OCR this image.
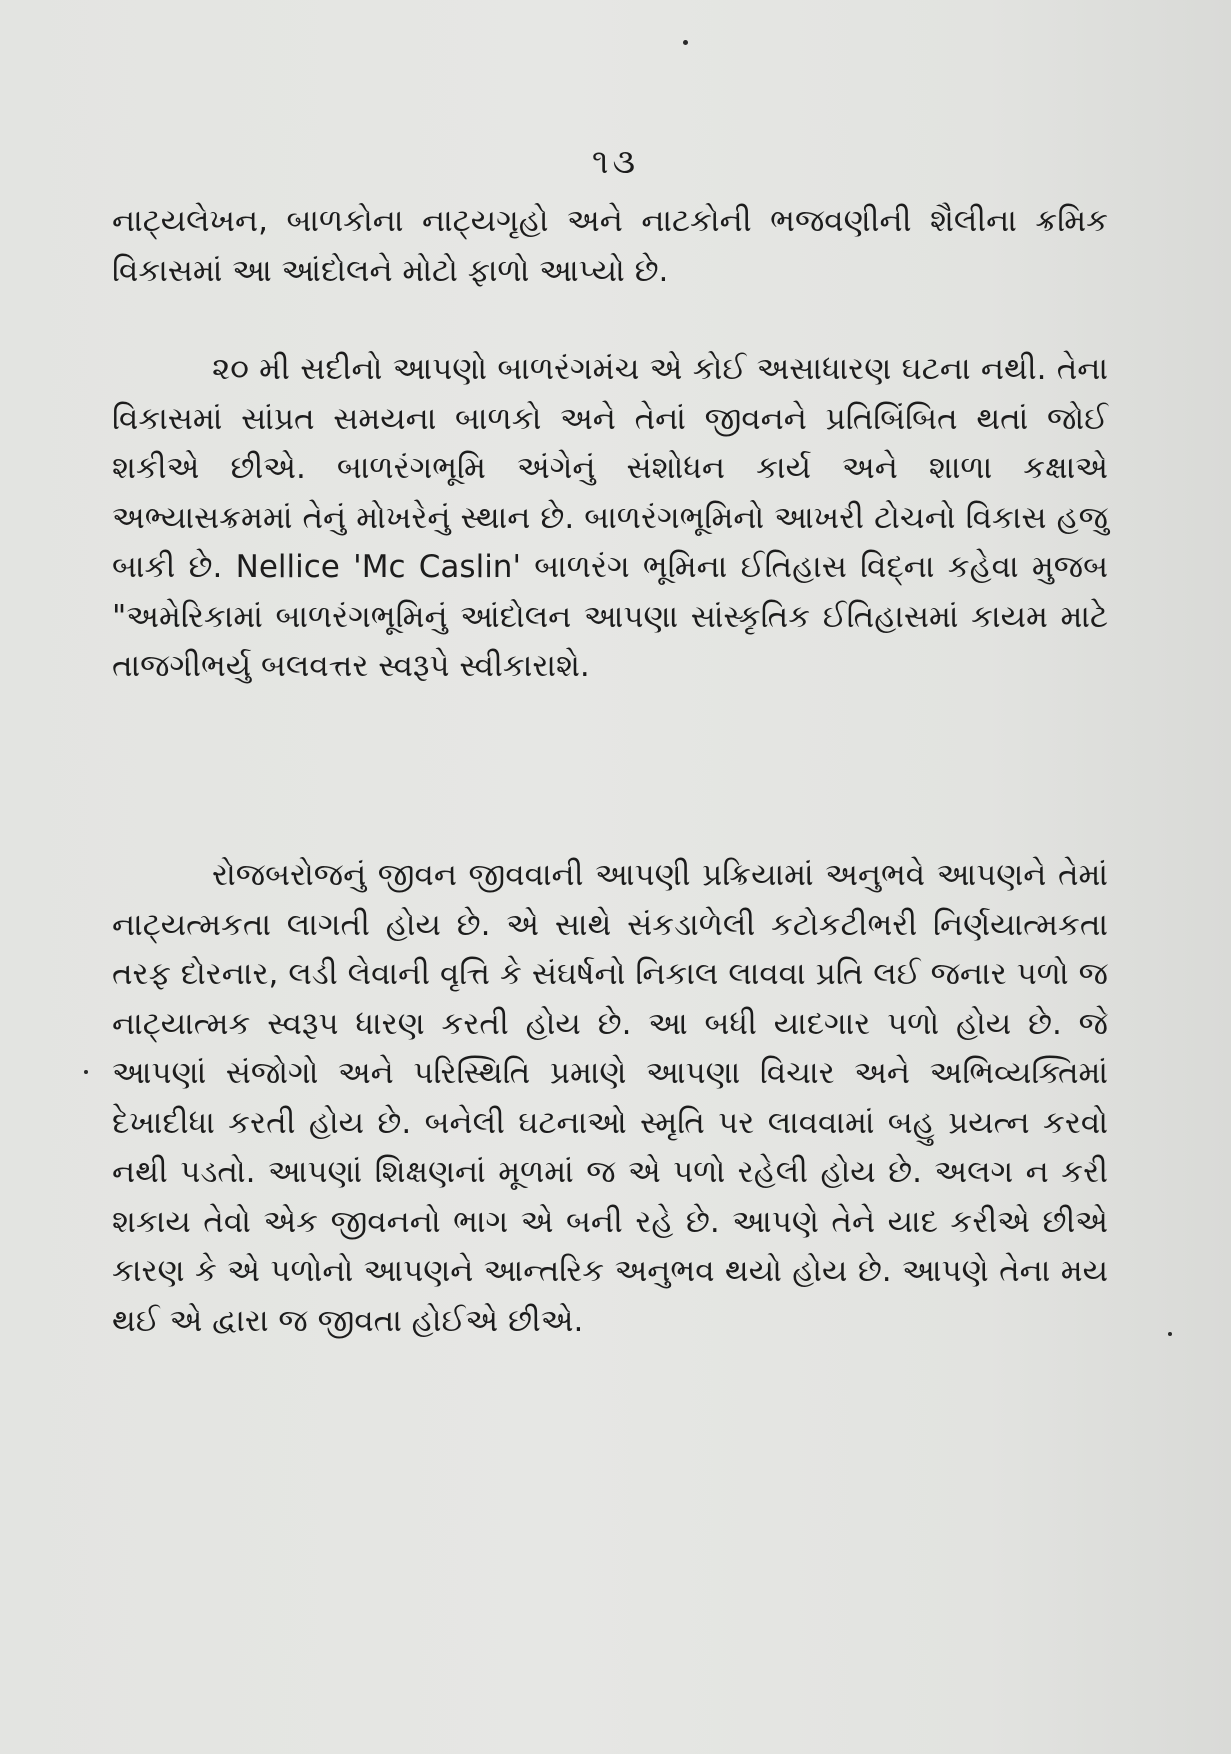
૧૩

નાટ્યલેખન, બાળકોના નાટ્યગૃહો અને નાટકોની ભજવણીની શૈલીના ક્રમિક વિકાસમાં આ આંદોલને મોટો ફાળો આપ્યો છે.

૨૦ મી સદીનો આપણો બાળરંગમંચ એ કોઈ અસાધારણ ઘટના નથી. તેના વિકાસમાં સાંપ્રત સમયના બાળકો અને તેનાં જીવનને પ્રતિબિંબિત થતાં જોઈ શકીએ છીએ. બાળરંગભૂમિ અંગેનું સંશોધન કાર્ય અને શાળા કક્ષાએ અભ્યાસક્રમમાં તેનું મોખરેનું સ્થાન છે. બાળરંગભૂમિનો આખરી ટોચનો વિકાસ હજુ બાકી છે. Nellice 'Mc Caslin' બાળરંગ ભૂમિના ઈતિહાસ વિદ્ના કહેવા મુજબ "અમેરિકામાં બાળરંગભૂમિનું આંદોલન આપણા સાંસ્કૃતિક ઈતિહાસમાં કાયમ માટે તાજગીભર્યુ બલવત્તર સ્વરૂપે સ્વીકારાશે.

રોજબરોજનું જીવન જીવવાની આપણી પ્રક્રિયામાં અનુભવે આપણને તેમાં નાટ્યત્મકતા લાગતી હોય છે. એ સાથે સંકડાળેલી કટોકટીભરી નિર્ણયાત્મકતા તરફ દોરનાર, લડી લેવાની વૃત્તિ કે સંઘર્ષનો નિકાલ લાવવા પ્રતિ લઈ જનાર પળો જ નાટ્યાત્મક સ્વરૂપ ધારણ કરતી હોય છે. આ બધી યાદગાર પળો હોય છે. જે આપણાં સંજોગો અને પરિસ્થિતિ પ્રમાણે આપણા વિચાર અને અભિવ્યક્તિમાં દેખાદીધા કરતી હોય છે. બનેલી ઘટનાઓ સ્મૃતિ પર લાવવામાં બહુ પ્રયત્ન કરવો નથી પડતો. આપણાં શિક્ષણનાં મૂળમાં જ એ પળો રહેલી હોય છે. અલગ ન કરી શકાય તેવો એક જીવનનો ભાગ એ બની રહે છે. આપણે તેને યાદ કરીએ છીએ કારણ કે એ પળોનો આપણને આન્તરિક અનુભવ થયો હોય છે. આપણે તેના મય થઈ એ દ્વારા જ જીવતા હોઈએ છીએ.
